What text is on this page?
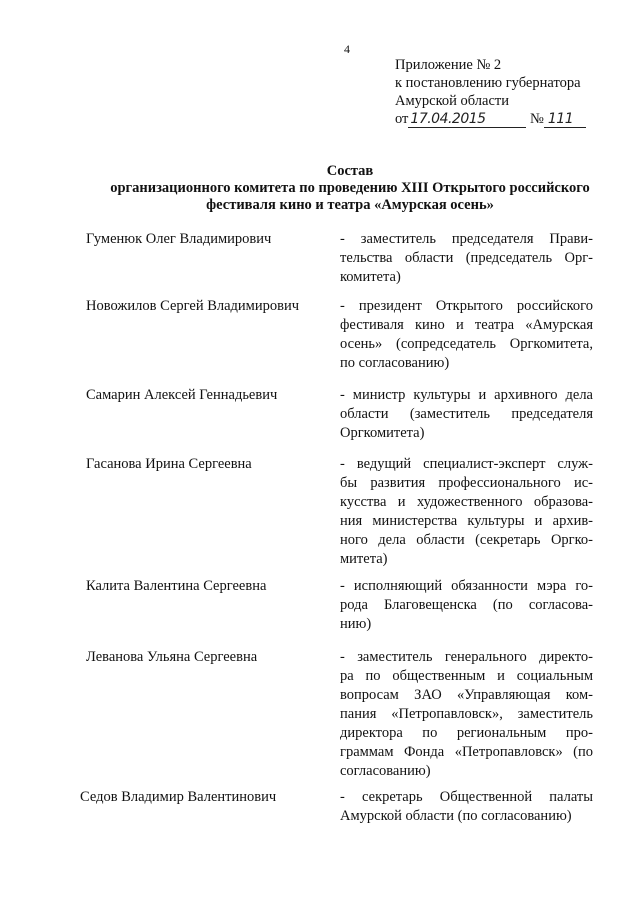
4
Приложение № 2
к постановлению губернатора
Амурской области
от 17.04.2015	№ 111
Состав
организационного комитета по проведению XIII Открытого российского
фестиваля кино и театра «Амурская осень»
Гуменюк Олег Владимирович	- заместитель председателя Прави-
тельства области (председатель Орг-
комитета)
Новожилов Сергей Владимирович	- президент Открытого российского
фестиваля кино и театра «Амурская
осень» (сопредседатель Оргкомитета,
по согласованию)
Самарин Алексей Геннадьевич	- министр культуры и архивного дела
области (заместитель председателя
Оргкомитета)
Гасанова Ирина Сергеевна	- ведущий специалист-эксперт служ-
бы развития профессионального ис-
кусства и художественного образова-
ния министерства культуры и архив-
ного дела области (секретарь Оргко-
митета)
Калита Валентина Сергеевна	- исполняющий обязанности мэра го-
рода Благовещенска (по согласова-
нию)
Леванова Ульяна Сергеевна	- заместитель генерального директо-
ра по общественным и социальным
вопросам ЗАО «Управляющая ком-
пания «Петропавловск», заместитель
директора по региональным про-
граммам Фонда «Петропавловск» (по
согласованию)
Седов Владимир Валентинович	- секретарь Общественной палаты
Амурской области (по согласованию)
